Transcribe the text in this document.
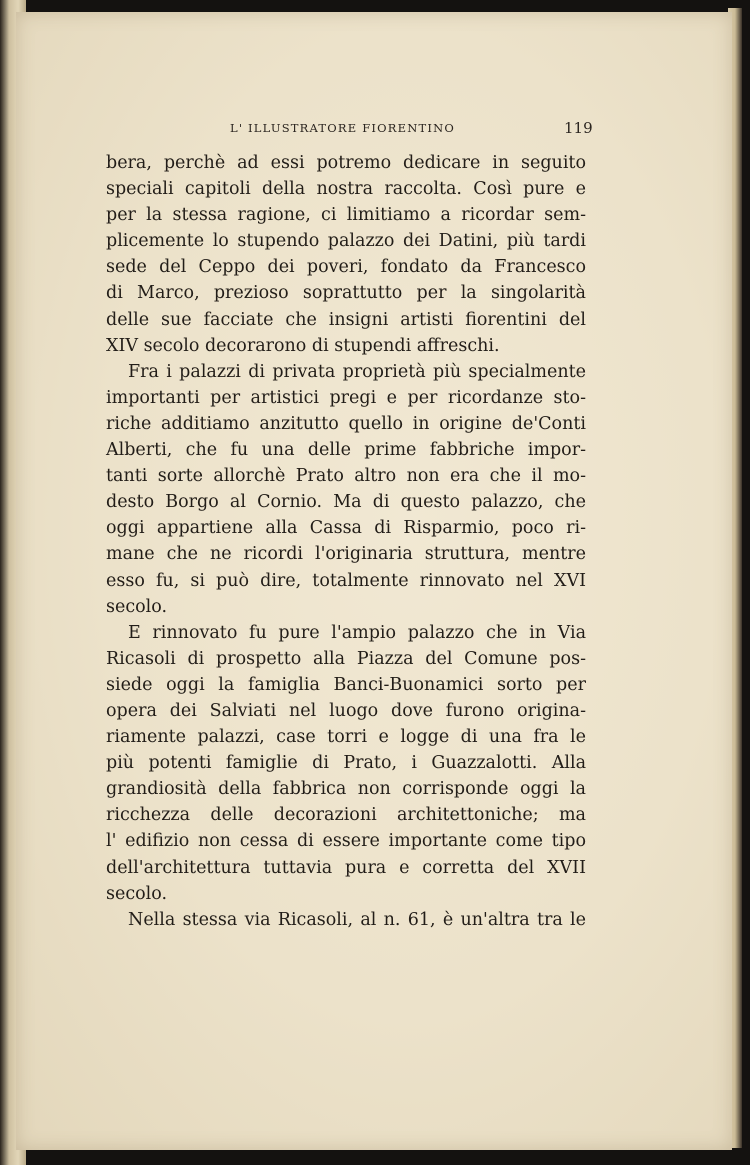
L' ILLUSTRATORE FIORENTINO	119
bera, perchè ad essi potremo dedicare in seguito
speciali capitoli della nostra raccolta. Così pure e
per la stessa ragione, ci limitiamo a ricordar sem-
plicemente lo stupendo palazzo dei Datini, più tardi
sede del Ceppo dei poveri, fondato da Francesco
di Marco, prezioso soprattutto per la singolarità
delle sue facciate che insigni artisti fiorentini del
XIV secolo decorarono di stupendi affreschi.
Fra i palazzi di privata proprietà più specialmente
importanti per artistici pregi e per ricordanze sto-
riche additiamo anzitutto quello in origine de'Conti
Alberti, che fu una delle prime fabbriche impor-
tanti sorte allorchè Prato altro non era che il mo-
desto Borgo al Cornio. Ma di questo palazzo, che
oggi appartiene alla Cassa di Risparmio, poco ri-
mane che ne ricordi l'originaria struttura, mentre
esso fu, si può dire, totalmente rinnovato nel XVI
secolo.
E rinnovato fu pure l'ampio palazzo che in Via
Ricasoli di prospetto alla Piazza del Comune pos-
siede oggi la famiglia Banci-Buonamici sorto per
opera dei Salviati nel luogo dove furono origina-
riamente palazzi, case torri e logge di una fra le
più potenti famiglie di Prato, i Guazzalotti. Alla
grandiosità della fabbrica non corrisponde oggi la
ricchezza delle decorazioni architettoniche; ma
l' edifizio non cessa di essere importante come tipo
dell'architettura tuttavia pura e corretta del XVII
secolo.
Nella stessa via Ricasoli, al n. 61, è un'altra tra le
